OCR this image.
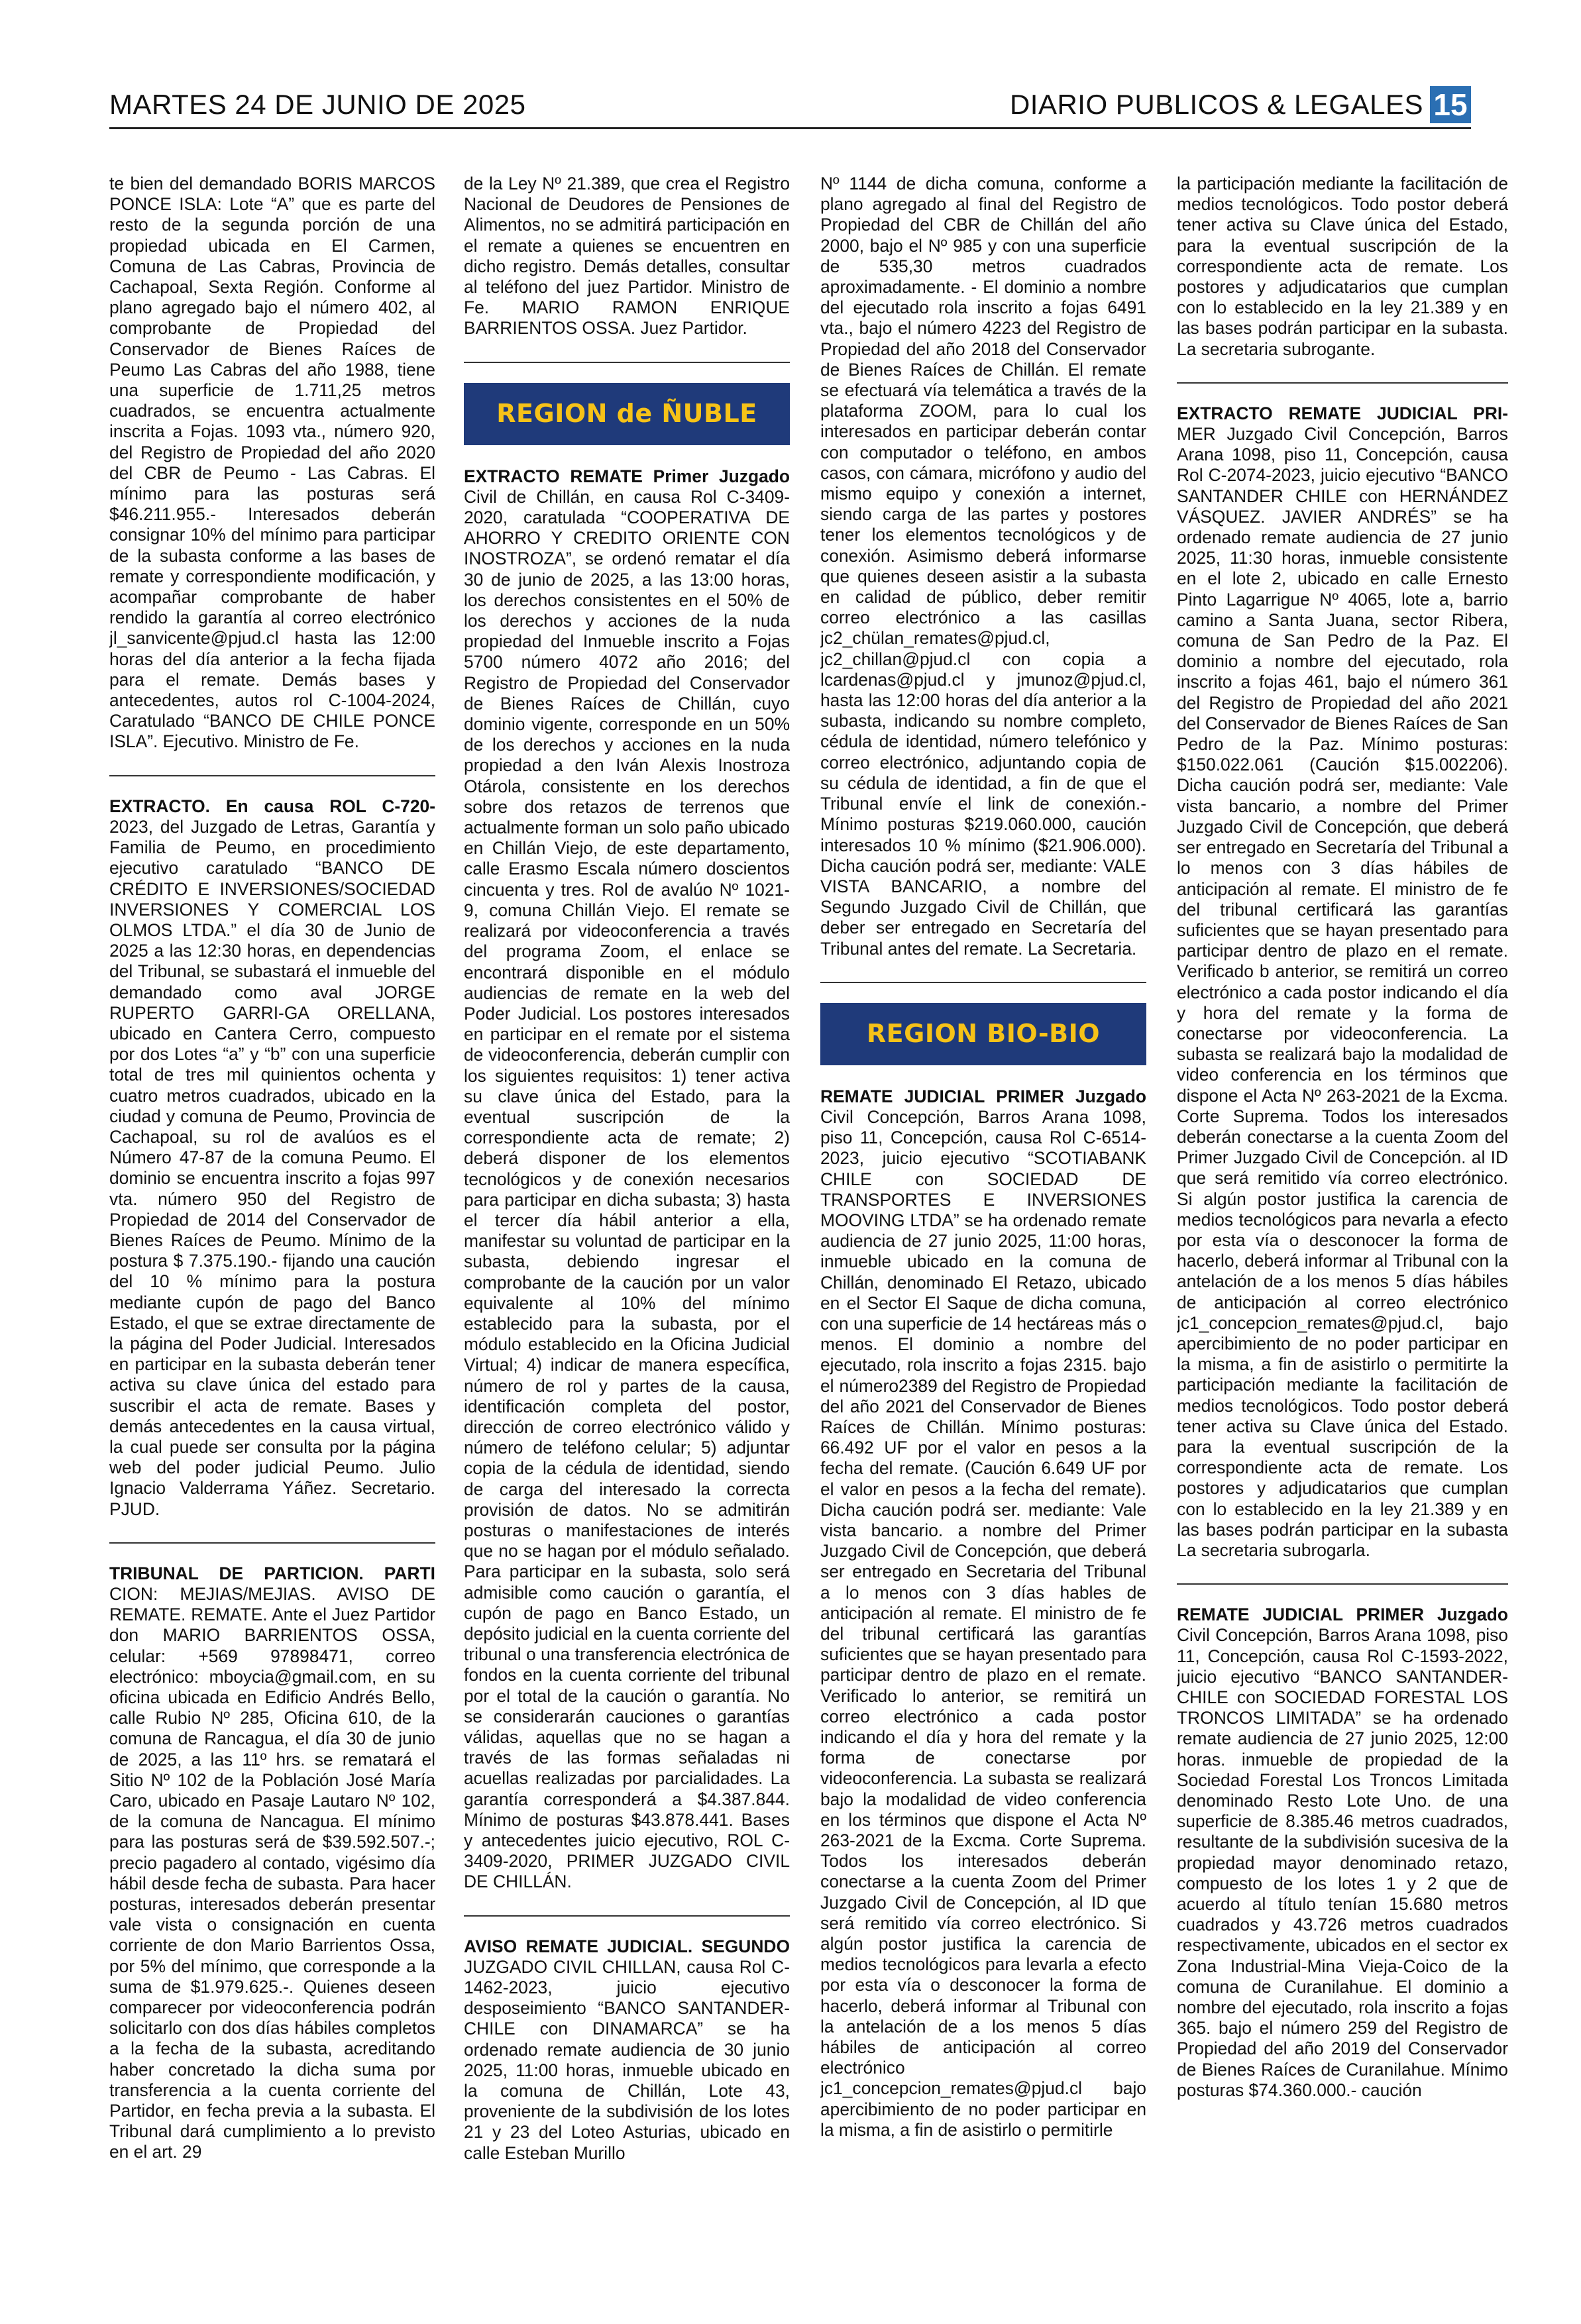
MARTES 24 DE JUNIO DE 2025	DIARIO PUBLICOS & LEGALES 15

te bien del demandado BORIS MARCOS PONCE ISLA: Lote “A” que es parte del resto de la segunda porción de una propiedad ubicada en El Carmen, Comuna de Las Cabras, Provincia de Cachapoal, Sexta Región. Conforme al plano agregado bajo el número 402, al comprobante de Propiedad del Conservador de Bienes Raíces de Peumo Las Cabras del año 1988, tiene una superficie de 1.711,25 metros cuadrados, se encuentra actualmente inscrita a Fojas. 1093 vta., número 920, del Registro de Propiedad del año 2020 del CBR de Peumo - Las Cabras. El mínimo para las posturas será $46.211.955.- Interesados deberán consignar 10% del mínimo para participar de la subasta conforme a las bases de remate y correspondiente modificación, y acompañar comprobante de haber rendido la garantía al correo electrónico jl_sanvicente@pjud.cl hasta las 12:00 horas del día anterior a la fecha fijada para el remate. Demás bases y antecedentes, autos rol C-1004-2024, Caratulado “BANCO DE CHILE PONCE ISLA”. Ejecutivo. Ministro de Fe.

EXTRACTO. En causa ROL C-720- 2023, del Juzgado de Letras, Garantía y Familia de Peumo, en procedimiento ejecutivo caratulado “BANCO DE CRÉDITO E INVERSIONES/SOCIEDAD INVERSIONES Y COMERCIAL LOS OLMOS LTDA.” el día 30 de Junio de 2025 a las 12:30 horas, en dependencias del Tribunal, se subastará el inmueble del demandado como aval JORGE RUPERTO GARRI-GA ORELLANA, ubicado en Cantera Cerro, compuesto por dos Lotes “a” y “b” con una superficie total de tres mil quinientos ochenta y cuatro metros cuadrados, ubicado en la ciudad y comuna de Peumo, Provincia de Cachapoal, su rol de avalúos es el Número 47-87 de la comuna Peumo. El dominio se encuentra inscrito a fojas 997 vta. número 950 del Registro de Propiedad de 2014 del Conservador de Bienes Raíces de Peumo. Mínimo de la postura $ 7.375.190.- fijando una caución del 10 % mínimo para la postura mediante cupón de pago del Banco Estado, el que se extrae directamente de la página del Poder Judicial. Interesados en participar en la subasta deberán tener activa su clave única del estado para suscribir el acta de remate. Bases y demás antecedentes en la causa virtual, la cual puede ser consulta por la página web del poder judicial Peumo. Julio Ignacio Valderrama Yáñez. Secretario. PJUD.

TRIBUNAL DE PARTICION. PARTI CION: MEJIAS/MEJIAS. AVISO DE REMATE. REMATE. Ante el Juez Partidor don MARIO BARRIENTOS OSSA, celular: +569 97898471, correo electrónico: mboycia@gmail.com, en su oficina ubicada en Edificio Andrés Bello, calle Rubio Nº 285, Oficina 610, de la comuna de Rancagua, el día 30 de junio de 2025, a las 11º hrs. se rematará el Sitio Nº 102 de la Población José María Caro, ubicado en Pasaje Lautaro Nº 102, de la comuna de Nancagua. El mínimo para las posturas será de $39.592.507.-; precio pagadero al contado, vigésimo día hábil desde fecha de subasta. Para hacer posturas, interesados deberán presentar vale vista o consignación en cuenta corriente de don Mario Barrientos Ossa, por 5% del mínimo, que corresponde a la suma de $1.979.625.-. Quienes deseen comparecer por videoconferencia podrán solicitarlo con dos días hábiles completos a la fecha de la subasta, acreditando haber concretado la dicha suma por transferencia a la cuenta corriente del Partidor, en fecha previa a la subasta. El Tribunal dará cumplimiento a lo previsto en el art. 29

de la Ley Nº 21.389, que crea el Registro Nacional de Deudores de Pensiones de Alimentos, no se admitirá participación en el remate a quienes se encuentren en dicho registro. Demás detalles, consultar al teléfono del juez Partidor. Ministro de Fe. MARIO RAMON ENRIQUE BARRIENTOS OSSA. Juez Partidor.

REGION de ÑUBLE

EXTRACTO REMATE Primer Juzgado Civil de Chillán, en causa Rol C-3409-2020, caratulada “COOPERATIVA DE AHORRO Y CREDITO ORIENTE CON INOSTROZA”, se ordenó rematar el día 30 de junio de 2025, a las 13:00 horas, los derechos consistentes en el 50% de los derechos y acciones de la nuda propiedad del Inmueble inscrito a Fojas 5700 número 4072 año 2016; del Registro de Propiedad del Conservador de Bienes Raíces de Chillán, cuyo dominio vigente, corresponde en un 50% de los derechos y acciones en la nuda propiedad a den Iván Alexis Inostroza Otárola, consistente en los derechos sobre dos retazos de terrenos que actualmente forman un solo paño ubicado en Chillán Viejo, de este departamento, calle Erasmo Escala número doscientos cincuenta y tres. Rol de avalúo Nº 1021-9, comuna Chillán Viejo. El remate se realizará por videoconferencia a través del programa Zoom, el enlace se encontrará disponible en el módulo audiencias de remate en la web del Poder Judicial. Los postores interesados en participar en el remate por el sistema de videoconferencia, deberán cumplir con los siguientes requisitos: 1) tener activa su clave única del Estado, para la eventual suscripción de la correspondiente acta de remate; 2) deberá disponer de los elementos tecnológicos y de conexión necesarios para participar en dicha subasta; 3) hasta el tercer día hábil anterior a ella, manifestar su voluntad de participar en la subasta, debiendo ingresar el comprobante de la caución por un valor equivalente al 10% del mínimo establecido para la subasta, por el módulo establecido en la Oficina Judicial Virtual; 4) indicar de manera específica, número de rol y partes de la causa, identificación completa del postor, dirección de correo electrónico válido y número de teléfono celular; 5) adjuntar copia de la cédula de identidad, siendo de carga del interesado la correcta provisión de datos. No se admitirán posturas o manifestaciones de interés que no se hagan por el módulo señalado. Para participar en la subasta, solo será admisible como caución o garantía, el cupón de pago en Banco Estado, un depósito judicial en la cuenta corriente del tribunal o una transferencia electrónica de fondos en la cuenta corriente del tribunal por el total de la caución o garantía. No se considerarán cauciones o garantías válidas, aquellas que no se hagan a través de las formas señaladas ni acuellas realizadas por parcialidades. La garantía corresponderá a $4.387.844. Mínimo de posturas $43.878.441. Bases y antecedentes juicio ejecutivo, ROL C-3409-2020, PRIMER JUZGADO CIVIL DE CHILLÁN.

AVISO REMATE JUDICIAL. SEGUNDO JUZGADO CIVIL CHILLAN, causa Rol C-1462-2023, juicio ejecutivo desposeimiento “BANCO SANTANDER-CHILE con DINAMARCA” se ha ordenado remate audiencia de 30 junio 2025, 11:00 horas, inmueble ubicado en la comuna de Chillán, Lote 43, proveniente de la subdivisión de los lotes 21 y 23 del Loteo Asturias, ubicado en calle Esteban Murillo

Nº 1144 de dicha comuna, conforme a plano agregado al final del Registro de Propiedad del CBR de Chillán del año 2000, bajo el Nº 985 y con una superficie de 535,30 metros cuadrados aproximadamente. - El dominio a nombre del ejecutado rola inscrito a fojas 6491 vta., bajo el número 4223 del Registro de Propiedad del año 2018 del Conservador de Bienes Raíces de Chillán. El remate se efectuará vía telemática a través de la plataforma ZOOM, para lo cual los interesados en participar deberán contar con computador o teléfono, en ambos casos, con cámara, micrófono y audio del mismo equipo y conexión a internet, siendo carga de las partes y postores tener los elementos tecnológicos y de conexión. Asimismo deberá informarse que quienes deseen asistir a la subasta en calidad de público, deber remitir correo electrónico a las casillas jc2_chülan_remates@pjud.cl, jc2_chillan@pjud.cl con copia a lcardenas@pjud.cl y jmunoz@pjud.cl, hasta las 12:00 horas del día anterior a la subasta, indicando su nombre completo, cédula de identidad, número telefónico y correo electrónico, adjuntando copia de su cédula de identidad, a fin de que el Tribunal envíe el link de conexión.- Mínimo posturas $219.060.000, caución interesados 10 % mínimo ($21.906.000). Dicha caución podrá ser, mediante: VALE VISTA BANCARIO, a nombre del Segundo Juzgado Civil de Chillán, que deber ser entregado en Secretaría del Tribunal antes del remate. La Secretaria.

REGION BIO-BIO

REMATE JUDICIAL PRIMER Juzgado Civil Concepción, Barros Arana 1098, piso 11, Concepción, causa Rol C-6514-2023, juicio ejecutivo “SCOTIABANK CHILE con SOCIEDAD DE TRANSPORTES E INVERSIONES MOOVING LTDA” se ha ordenado remate audiencia de 27 junio 2025, 11:00 horas, inmueble ubicado en la comuna de Chillán, denominado El Retazo, ubicado en el Sector El Saque de dicha comuna, con una superficie de 14 hectáreas más o menos. El dominio a nombre del ejecutado, rola inscrito a fojas 2315. bajo el número2389 del Registro de Propiedad del año 2021 del Conservador de Bienes Raíces de Chillán. Mínimo posturas: 66.492 UF por el valor en pesos a la fecha del remate. (Caución 6.649 UF por el valor en pesos a la fecha del remate). Dicha caución podrá ser. mediante: Vale vista bancario. a nombre del Primer Juzgado Civil de Concepción, que deberá ser entregado en Secretaria del Tribunal a lo menos con 3 días hables de anticipación al remate. El ministro de fe del tribunal certificará las garantías suficientes que se hayan presentado para participar dentro de plazo en el remate. Verificado lo anterior, se remitirá un correo electrónico a cada postor indicando el día y hora del remate y la forma de conectarse por videoconferencia. La subasta se realizará bajo la modalidad de video conferencia en los términos que dispone el Acta Nº 263-2021 de la Excma. Corte Suprema. Todos los interesados deberán conectarse a la cuenta Zoom del Primer Juzgado Civil de Concepción, al ID que será remitido vía correo electrónico. Si algún postor justifica la carencia de medios tecnológicos para levarla a efecto por esta vía o desconocer la forma de hacerlo, deberá informar al Tribunal con la antelación de a los menos 5 días hábiles de anticipación al correo electrónico jc1_concepcion_remates@pjud.cl bajo apercibimiento de no poder participar en la misma, a fin de asistirlo o permitirle

la participación mediante la facilitación de medios tecnológicos. Todo postor deberá tener activa su Clave única del Estado, para la eventual suscripción de la correspondiente acta de remate. Los postores y adjudicatarios que cumplan con lo establecido en la ley 21.389 y en las bases podrán participar en la subasta. La secretaria subrogante.

EXTRACTO REMATE JUDICIAL PRI- MER Juzgado Civil Concepción, Barros Arana 1098, piso 11, Concepción, causa Rol C-2074-2023, juicio ejecutivo “BANCO SANTANDER CHILE con HERNÁNDEZ VÁSQUEZ. JAVIER ANDRÉS” se ha ordenado remate audiencia de 27 junio 2025, 11:30 horas, inmueble consistente en el lote 2, ubicado en calle Ernesto Pinto Lagarrigue Nº 4065, lote a, barrio camino a Santa Juana, sector Ribera, comuna de San Pedro de la Paz. El dominio a nombre del ejecutado, rola inscrito a fojas 461, bajo el número 361 del Registro de Propiedad del año 2021 del Conservador de Bienes Raíces de San Pedro de la Paz. Mínimo posturas: $150.022.061 (Caución $15.002206). Dicha caución podrá ser, mediante: Vale vista bancario, a nombre del Primer Juzgado Civil de Concepción, que deberá ser entregado en Secretaría del Tribunal a lo menos con 3 días hábiles de anticipación al remate. El ministro de fe del tribunal certificará las garantías suficientes que se hayan presentado para participar dentro de plazo en el remate. Verificado b anterior, se remitirá un correo electrónico a cada postor indicando el día y hora del remate y la forma de conectarse por videoconferencia. La subasta se realizará bajo la modalidad de video conferencia en los términos que dispone el Acta Nº 263-2021 de la Excma. Corte Suprema. Todos los interesados deberán conectarse a la cuenta Zoom del Primer Juzgado Civil de Concepción. al ID que será remitido vía correo electrónico. Si algún postor justifica la carencia de medios tecnológicos para nevarla a efecto por esta vía o desconocer la forma de hacerlo, deberá informar al Tribunal con la antelación de a los menos 5 días hábiles de anticipación al correo electrónico jc1_concepcion_remates@pjud.cl, bajo apercibimiento de no poder participar en la misma, a fin de asistirlo o permitirte la participación mediante la facilitación de medios tecnológicos. Todo postor deberá tener activa su Clave única del Estado. para la eventual suscripción de la correspondiente acta de remate. Los postores y adjudicatarios que cumplan con lo establecido en la ley 21.389 y en las bases podrán participar en la subasta La secretaria subrogarla.

REMATE JUDICIAL PRIMER Juzgado Civil Concepción, Barros Arana 1098, piso 11, Concepción, causa Rol C-1593-2022, juicio ejecutivo “BANCO SANTANDER-CHILE con SOCIEDAD FORESTAL LOS TRONCOS LIMITADA” se ha ordenado remate audiencia de 27 junio 2025, 12:00 horas. inmueble de propiedad de la Sociedad Forestal Los Troncos Limitada denominado Resto Lote Uno. de una superficie de 8.385.46 metros cuadrados, resultante de la subdivisión sucesiva de la propiedad mayor denominado retazo, compuesto de los lotes 1 y 2 que de acuerdo al título tenían 15.680 metros cuadrados y 43.726 metros cuadrados respectivamente, ubicados en el sector ex Zona Industrial-Mina Vieja-Coico de la comuna de Curanilahue. El dominio a nombre del ejecutado, rola inscrito a fojas 365. bajo el número 259 del Registro de Propiedad del año 2019 del Conservador de Bienes Raíces de Curanilahue. Mínimo posturas $74.360.000.- caución
